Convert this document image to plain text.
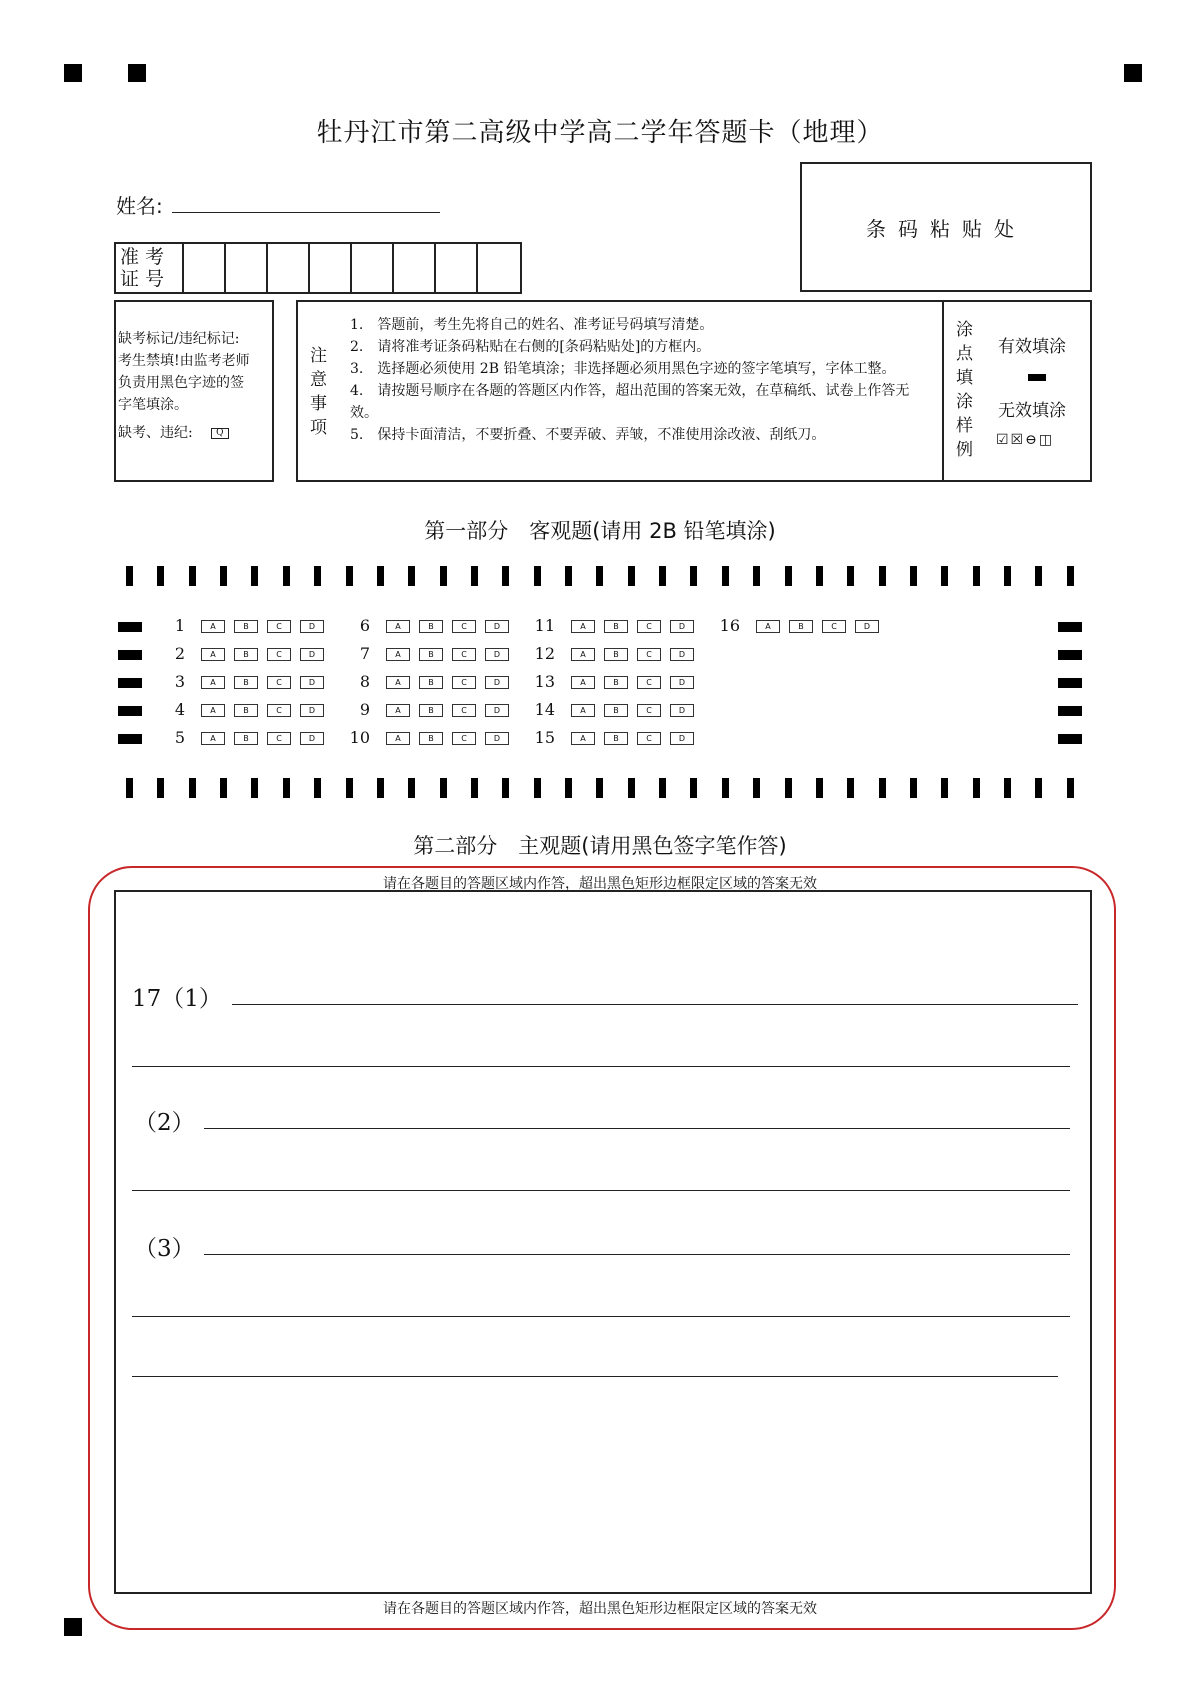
牡丹江市第二高级中学高二学年答题卡（地理）
姓名:
条码粘贴处
准考证号
缺考标记/违纪标记:
考生禁填!由监考老师
负责用黑色字迹的签
字笔填涂。
缺考、违纪:	Q
注意事项

1.　答题前，考生先将自己的姓名、准考证号码填写清楚。

2.　请将准考证条码粘贴在右侧的[条码粘贴处]的方框内。

3.　选择题必须使用 2B 铅笔填涂；非选择题必须用黑色字迹的签字笔填写，字体工整。

4.　请按题号顺序在各题的答题区内作答，超出范围的答案无效，在草稿纸、试卷上作答无效。

5.　保持卡面清洁，不要折叠、不要弄破、弄皱，不准使用涂改液、刮纸刀。

涂点填涂样例
有效填涂
无效填涂
☑☒⊖◫
第一部分　客观题(请用 2B 铅笔填涂)
1	A	B	C	D
2	A	B	C	D
3	A	B	C	D
4	A	B	C	D
5	A	B	C	D
6	A	B	C	D
7	A	B	C	D
8	A	B	C	D
9	A	B	C	D
10	A	B	C	D
11	A	B	C	D
12	A	B	C	D
13	A	B	C	D
14	A	B	C	D
15	A	B	C	D
16	A	B	C	D
第二部分　主观题(请用黑色签字笔作答)
请在各题目的答题区域内作答，超出黑色矩形边框限定区域的答案无效
17（1）
（2）
（3）
请在各题目的答题区域内作答，超出黑色矩形边框限定区域的答案无效
